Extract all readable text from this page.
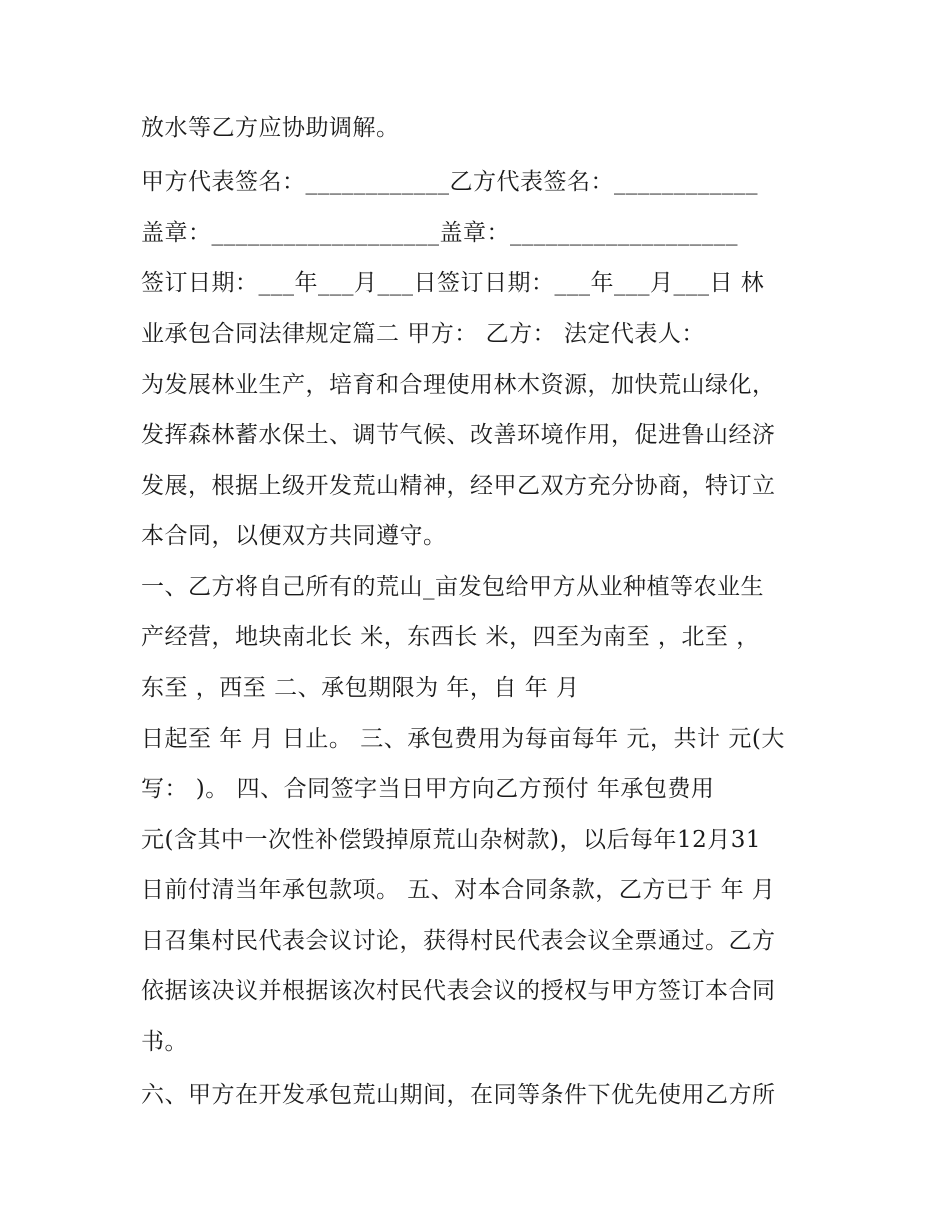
放水等乙方应协助调解。

甲方代表签名：____________乙方代表签名：____________

盖章：___________________盖章：___________________

签订日期：___年___月___日签订日期：___年___月___日 林

业承包合同法律规定篇二 甲方： 乙方： 法定代表人：

为发展林业生产，培育和合理使用林木资源，加快荒山绿化，

发挥森林蓄水保土、调节气候、改善环境作用，促进鲁山经济

发展，根据上级开发荒山精神，经甲乙双方充分协商，特订立

本合同，以便双方共同遵守。

一、乙方将自己所有的荒山_亩发包给甲方从业种植等农业生

产经营，地块南北长 米，东西长 米，四至为南至 ，北至 ，

东至 ，西至 二、承包期限为 年，自 年 月

日起至 年 月 日止。 三、承包费用为每亩每年 元，共计 元(大

写： )。 四、合同签字当日甲方向乙方预付 年承包费用

元(含其中一次性补偿毁掉原荒山杂树款)，以后每年12月31

日前付清当年承包款项。 五、对本合同条款，乙方已于 年 月

日召集村民代表会议讨论，获得村民代表会议全票通过。乙方

依据该决议并根据该次村民代表会议的授权与甲方签订本合同

书。

六、甲方在开发承包荒山期间，在同等条件下优先使用乙方所
